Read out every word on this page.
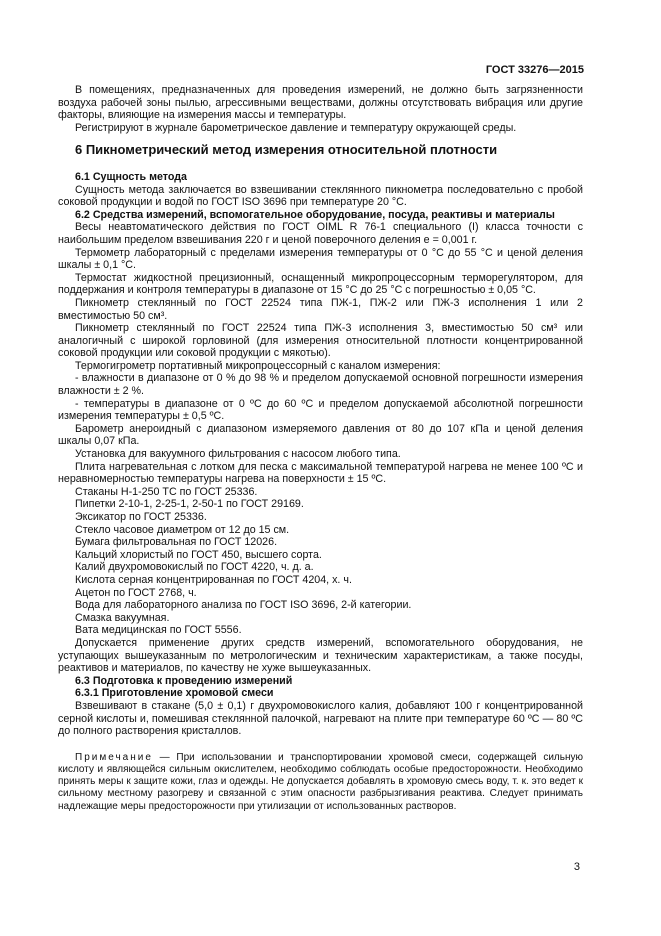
ГОСТ 33276—2015

В помещениях, предназначенных для проведения измерений, не должно быть загрязненности воздуха рабочей зоны пылью, агрессивными веществами, должны отсутствовать вибрация или другие факторы, влияющие на измерения массы и температуры.

Регистрируют в журнале барометрическое давление и температуру окружающей среды.

6 Пикнометрический метод измерения относительной плотности
6.1 Сущность метода

Сущность метода заключается во взвешивании стеклянного пикнометра последовательно с пробой соковой продукции и водой по ГОСТ ISO 3696 при температуре 20 °С.

6.2 Средства измерений, вспомогательное оборудование, посуда, реактивы и материалы

Весы неавтоматического действия по ГОСТ OIML R 76-1 специального (I) класса точности с наибольшим пределом взвешивания 220 г и ценой поверочного деления e = 0,001 г.

Термометр лабораторный с пределами измерения температуры от 0 °С до 55 °С и ценой деления шкалы ± 0,1 °С.

Термостат жидкостной прецизионный, оснащенный микропроцессорным терморегулятором, для поддержания и контроля температуры в диапазоне от 15 °С до 25 °С с погрешностью ± 0,05 °С.

Пикнометр стеклянный по ГОСТ 22524 типа ПЖ-1, ПЖ-2 или ПЖ-3 исполнения 1 или 2 вместимостью 50 см³.

Пикнометр стеклянный по ГОСТ 22524 типа ПЖ-3 исполнения 3, вместимостью 50 см³ или аналогичный с широкой горловиной (для измерения относительной плотности концентрированной соковой продукции или соковой продукции с мякотью).

Термогигрометр портативный микропроцессорный с каналом измерения:

- влажности в диапазоне от 0 % до 98 % и пределом допускаемой основной погрешности измерения влажности ± 2 %.

- температуры в диапазоне от 0 ºС до 60 ºС и пределом допускаемой абсолютной погрешности измерения температуры ± 0,5 ºС.

Барометр анероидный с диапазоном измеряемого давления от 80 до 107 кПа и ценой деления шкалы 0,07 кПа.

Установка для вакуумного фильтрования с насосом любого типа.

Плита нагревательная с лотком для песка с максимальной температурой нагрева не менее 100 ºС и неравномерностью температуры нагрева на поверхности ± 15 ºС.

Стаканы Н-1-250 ТС по ГОСТ 25336.

Пипетки 2-10-1, 2-25-1, 2-50-1 по ГОСТ 29169.

Эксикатор по ГОСТ 25336.

Стекло часовое диаметром от 12 до 15 см.

Бумага фильтровальная по ГОСТ 12026.

Кальций хлористый по ГОСТ 450, высшего сорта.

Калий двухромовокислый по ГОСТ 4220, ч. д. а.

Кислота серная концентрированная по ГОСТ 4204, х. ч.

Ацетон по ГОСТ 2768, ч.

Вода для лабораторного анализа по ГОСТ ISO 3696, 2-й категории.

Смазка вакуумная.

Вата медицинская по ГОСТ 5556.

Допускается применение других средств измерений, вспомогательного оборудования, не уступающих вышеуказанным по метрологическим и техническим характеристикам, а также посуды, реактивов и материалов, по качеству не хуже вышеуказанных.

6.3 Подготовка к проведению измерений
6.3.1 Приготовление хромовой смеси

Взвешивают в стакане (5,0 ± 0,1) г двухромовокислого калия, добавляют 100 г концентрированной серной кислоты и, помешивая стеклянной палочкой, нагревают на плите при температуре 60 ºС — 80 ºС до полного растворения кристаллов.

Примечание — При использовании и транспортировании хромовой смеси, содержащей сильную кислоту и являющейся сильным окислителем, необходимо соблюдать особые предосторожности. Необходимо принять меры к защите кожи, глаз и одежды. Не допускается добавлять в хромовую смесь воду, т. к. это ведет к сильному местному разогреву и связанной с этим опасности разбрызгивания реактива. Следует принимать надлежащие меры предосторожности при утилизации от использованных растворов.

3
